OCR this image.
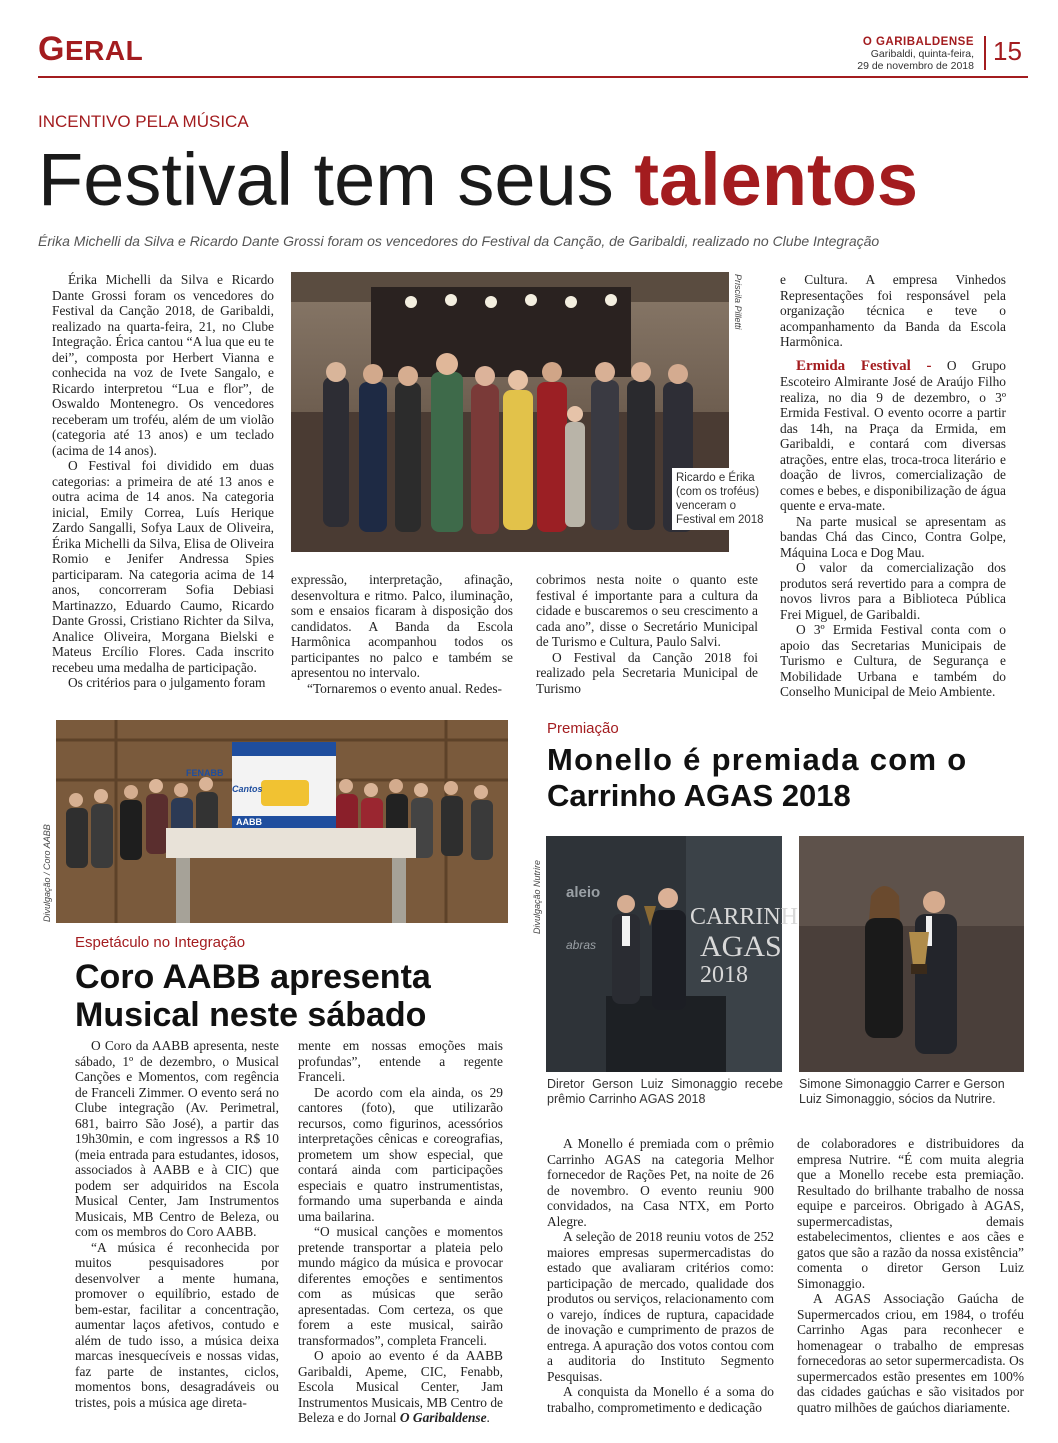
GERAL	O GARIBALDENSE
Garibaldi, quinta-feira,
29 de novembro de 2018 15
INCENTIVO PELA MÚSICA
Festival tem seus talentos
Érika Michelli da Silva e Ricardo Dante Grossi foram os vencedores do Festival da Canção, de Garibaldi, realizado no Clube Integração

Érika Michelli da Silva e Ricardo Dante Grossi foram os vencedores do Festival da Canção 2018, de Garibaldi, realizado na quarta-feira, 21, no Clube Integração. Érica cantou “A lua que eu te dei”, composta por Herbert Vianna e conhecida na voz de Ivete Sangalo, e Ricardo interpretou “Lua e flor”, de Oswaldo Montenegro. Os vencedores receberam um troféu, além de um violão (categoria até 13 anos) e um teclado (acima de 14 anos).

O Festival foi dividido em duas categorias: a primeira de até 13 anos e outra acima de 14 anos. Na categoria inicial, Emily Correa, Luís Herique Zardo Sangalli, Sofya Laux de Oliveira, Érika Michelli da Silva, Elisa de Oliveira Romio e Jenifer Andressa Spies participaram. Na categoria acima de 14 anos, concorreram Sofia Debiasi Martinazzo, Eduardo Caumo, Ricardo Dante Grossi, Cristiano Richter da Silva, Analice Oliveira, Morgana Bielski e Mateus Ercílio Flores. Cada inscrito recebeu uma medalha de participação.

Os critérios para o julgamento foram

Ricardo e Érika (com os troféus) venceram o Festival em 2018
Priscila Pilletti

expressão, interpretação, afinação, desenvoltura e ritmo. Palco, iluminação, som e ensaios ficaram à disposição dos candidatos. A Banda da Escola Harmônica acompanhou todos os participantes no palco e também se apresentou no intervalo.

“Tornaremos o evento anual. Redes-

cobrimos nesta noite o quanto este festival é importante para a cultura da cidade e buscaremos o seu crescimento a cada ano”, disse o Secretário Municipal de Turismo e Cultura, Paulo Salvi.

O Festival da Canção 2018 foi realizado pela Secretaria Municipal de Turismo

e Cultura. A empresa Vinhedos Representações foi responsável pela organização técnica e teve o acompanhamento da Banda da Escola Harmônica.

Ermida Festival - O Grupo Escoteiro Almirante José de Araújo Filho realiza, no dia 9 de dezembro, o 3º Ermida Festival. O evento ocorre a partir das 14h, na Praça da Ermida, em Garibaldi, e contará com diversas atrações, entre elas, troca-troca literário e doação de livros, comercialização de comes e bebes, e disponibilização de água quente e erva-mate.

Na parte musical se apresentam as bandas Chá das Cinco, Contra Golpe, Máquina Loca e Dog Mau.

O valor da comercialização dos produtos será revertido para a compra de novos livros para a Biblioteca Pública Frei Miguel, de Garibaldi.

O 3º Ermida Festival conta com o apoio das Secretarias Municipais de Turismo e Cultura, de Segurança e Mobilidade Urbana e também do Conselho Municipal de Meio Ambiente.

FENABB
Cantos
AABB
Divulgação / Coro AABB
Espetáculo no Integração
Coro AABB apresenta
Musical neste sábado

O Coro da AABB apresenta, neste sábado, 1º de dezembro, o Musical Canções e Momentos, com regência de Franceli Zimmer. O evento será no Clube integração (Av. Perimetral, 681, bairro São José), a partir das 19h30min, e com ingressos a R$ 10 (meia entrada para estudantes, idosos, associados à AABB e à CIC) que podem ser adquiridos na Escola Musical Center, Jam Instrumentos Musicais, MB Centro de Beleza, ou com os membros do Coro AABB.

“A música é reconhecida por muitos pesquisadores por desenvolver a mente humana, promover o equilíbrio, estado de bem-estar, facilitar a concentração, aumentar laços afetivos, contudo e além de tudo isso, a música deixa marcas inesquecíveis e nossas vidas, faz parte de instantes, ciclos, momentos bons, desagradáveis ou tristes, pois a música age direta-

mente em nossas emoções mais profundas”, entende a regente Franceli.

De acordo com ela ainda, os 29 cantores (foto), que utilizarão recursos, como figurinos, acessórios interpretações cênicas e coreografias, prometem um show especial, que contará ainda com participações especiais e quatro instrumentistas, formando uma superbanda e ainda uma bailarina.

“O musical canções e momentos pretende transportar a plateia pelo mundo mágico da música e provocar diferentes emoções e sentimentos com as músicas que serão apresentadas. Com certeza, os que forem a este musical, sairão transformados”, completa Franceli.

O apoio ao evento é da AABB Garibaldi, Apeme, CIC, Fenabb, Escola Musical Center, Jam Instrumentos Musicais, MB Centro de Beleza e do Jornal O Garibaldense.

Premiação
Monello é premiada com o
Carrinho AGAS 2018
aleio
abras
CARRINH
AGAS
2018
Divulgação Nutrire
Diretor Gerson Luiz Simonaggio recebe prêmio Carrinho AGAS 2018
Simone Simonaggio Carrer e Gerson Luiz Simonaggio, sócios da Nutrire.

A Monello é premiada com o prêmio Carrinho AGAS na categoria Melhor fornecedor de Rações Pet, na noite de 26 de novembro. O evento reuniu 900 convidados, na Casa NTX, em Porto Alegre.

A seleção de 2018 reuniu votos de 252 maiores empresas supermercadistas do estado que avaliaram critérios como: participação de mercado, qualidade dos produtos ou serviços, relacionamento com o varejo, índices de ruptura, capacidade de inovação e cumprimento de prazos de entrega. A apuração dos votos contou com a auditoria do Instituto Segmento Pesquisas.

A conquista da Monello é a soma do trabalho, comprometimento e dedicação

de colaboradores e distribuidores da empresa Nutrire. “É com muita alegria que a Monello recebe esta premiação. Resultado do brilhante trabalho de nossa equipe e parceiros. Obrigado à AGAS, supermercadistas, demais estabelecimentos, clientes e aos cães e gatos que são a razão da nossa existência” comenta o diretor Gerson Luiz Simonaggio.

A AGAS Associação Gaúcha de Supermercados criou, em 1984, o troféu Carrinho Agas para reconhecer e homenagear o trabalho de empresas fornecedoras ao setor supermercadista. Os supermercados estão presentes em 100% das cidades gaúchas e são visitados por quatro milhões de gaúchos diariamente.
